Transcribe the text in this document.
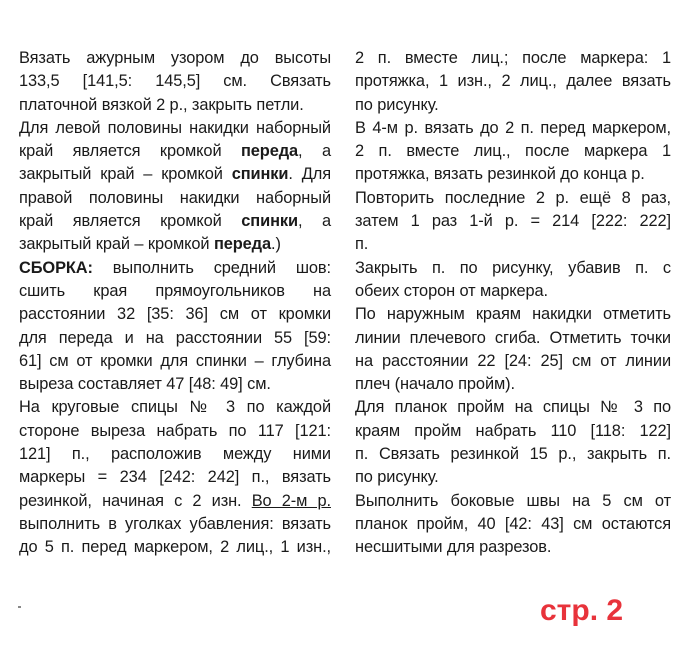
Вязать ажурным узором до высоты
133,5 [141,5: 145,5] см. Связать
платочной вязкой 2 р., закрыть петли.
Для левой половины накидки наборный
край является кромкой переда, а
закрытый край – кромкой спинки. Для
правой половины накидки наборный
край является кромкой спинки, а
закрытый край – кромкой переда.)
СБОРКА: выполнить средний шов:
сшить края прямоугольников на
расстоянии 32 [35: 36] см от кромки
для переда и на расстоянии 55 [59:
61] см от кромки для спинки – глубина
выреза составляет 47 [48: 49] см.
На круговые спицы № 3 по каждой
стороне выреза набрать по 117 [121:
121] п., расположив между ними
маркеры = 234 [242: 242] п., вязать
резинкой, начиная с 2 изн. Во 2-м р.
выполнить в уголках убавления: вязать
до 5 п. перед маркером, 2 лиц., 1 изн.,
2 п. вместе лиц.; после маркера: 1
протяжка, 1 изн., 2 лиц., далее вязать
по рисунку.
В 4-м р. вязать до 2 п. перед маркером,
2 п. вместе лиц., после маркера 1
протяжка, вязать резинкой до конца р.
Повторить последние 2 р. ещё 8 раз,
затем 1 раз 1-й р. = 214 [222: 222]
п.
Закрыть п. по рисунку, убавив п. с
обеих сторон от маркера.
По наружным краям накидки отметить
линии плечевого сгиба. Отметить точки
на расстоянии 22 [24: 25] см от линии
плеч (начало пройм).
Для планок пройм на спицы № 3 по
краям пройм набрать 110 [118: 122]
п. Связать резинкой 15 р., закрыть п.
по рисунку.
Выполнить боковые швы на 5 см от
планок пройм, 40 [42: 43] см остаются
несшитыми для разрезов.
стр. 2
